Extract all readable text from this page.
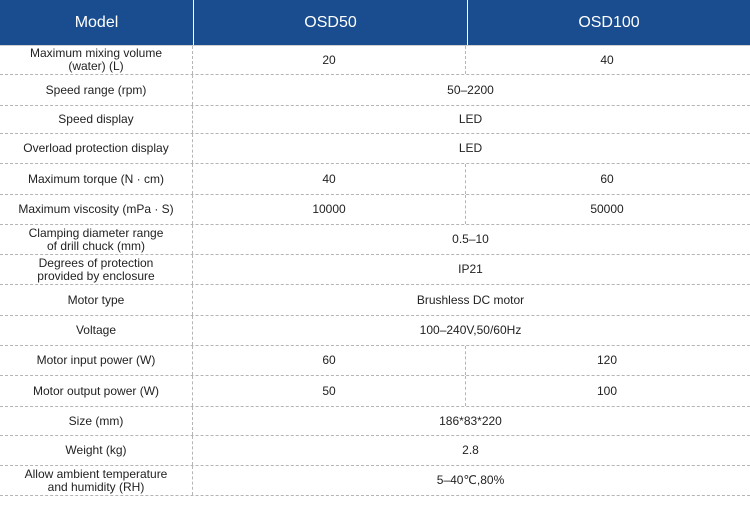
Model	OSD50	OSD100
Maximum mixing volume
(water) (L)	20	40
Speed range (rpm)	50–2200
Speed display	LED
Overload protection display	LED
Maximum torque (N · cm)	40	60
Maximum viscosity (mPa · S)	10000	50000
Clamping diameter range
of drill chuck (mm)	0.5–10
Degrees of protection
provided by enclosure	IP21
Motor type	Brushless DC motor
Voltage	100–240V,50/60Hz
Motor input power (W)	60	120
Motor output power (W)	50	100
Size (mm)	186*83*220
Weight (kg)	2.8
Allow ambient temperature
and humidity (RH)	5–40℃,80%
